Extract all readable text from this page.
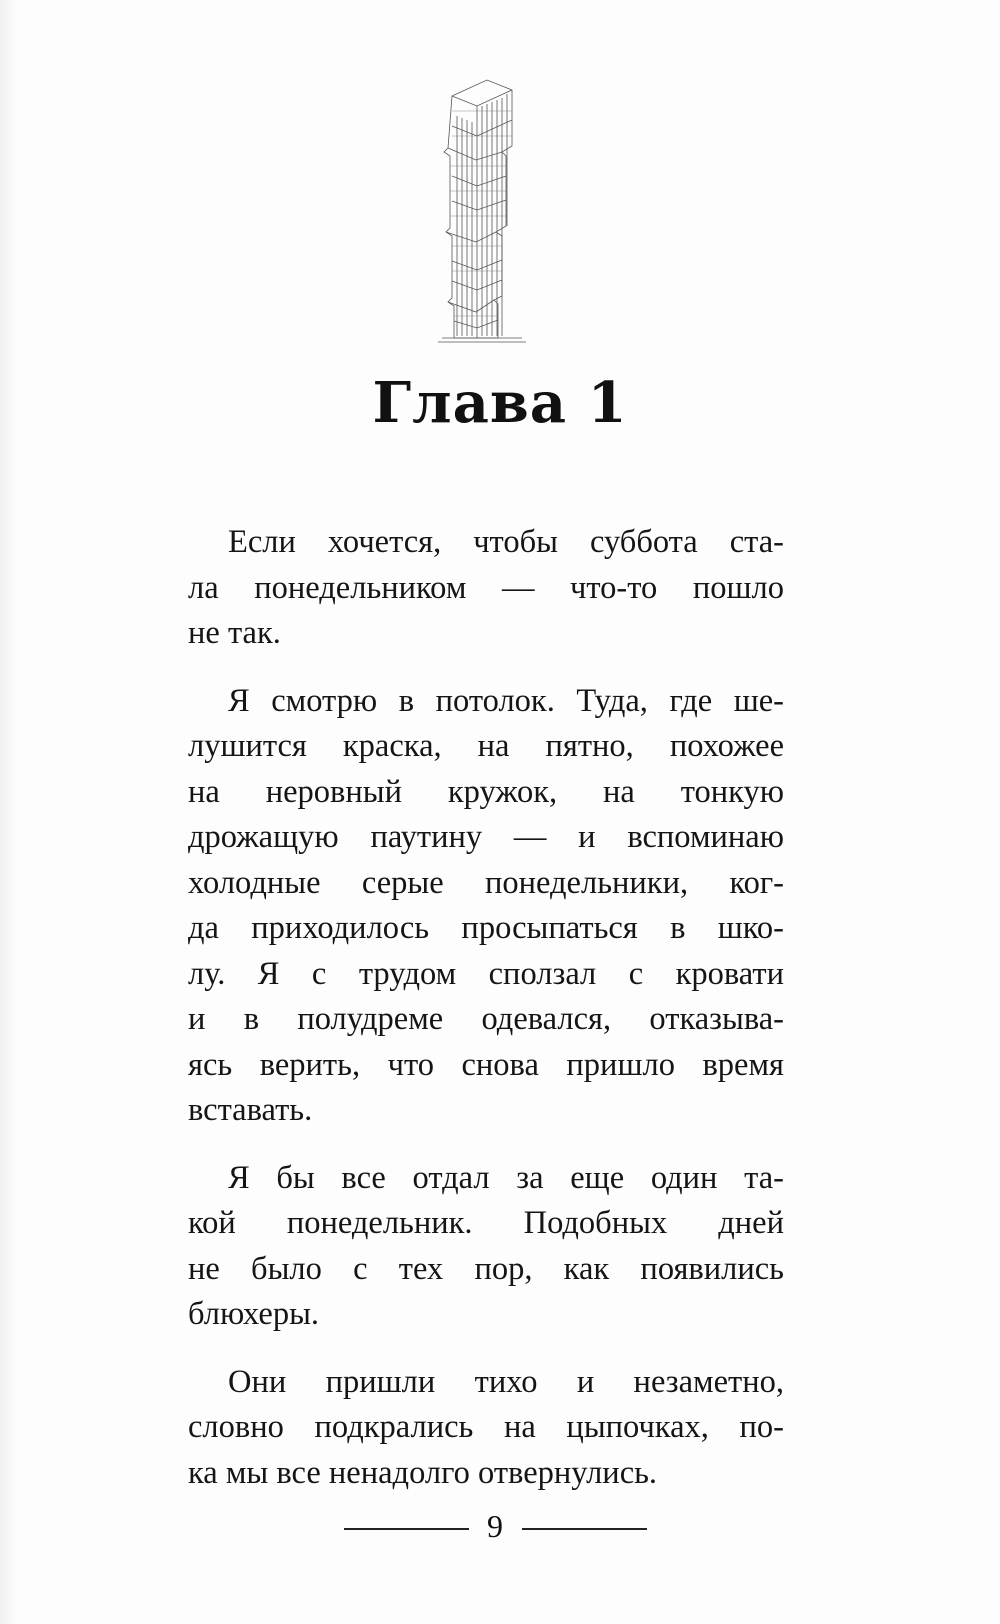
Глава 1
Если хочется, чтобы суббота ста-
ла понедельником — что-то пошло
не так.
Я смотрю в потолок. Туда, где ше-
лушится краска, на пятно, похожее
на неровный кружок, на тонкую
дрожащую паутину — и вспоминаю
холодные серые понедельники, ког-
да приходилось просыпаться в шко-
лу. Я с трудом сползал с кровати
и в полудреме одевался, отказыва-
ясь верить, что снова пришло время
вставать.
Я бы все отдал за еще один та-
кой понедельник. Подобных дней
не было с тех пор, как появились
блюхеры.
Они пришли тихо и незаметно,
словно подкрались на цыпочках, по-
ка мы все ненадолго отвернулись.
9
